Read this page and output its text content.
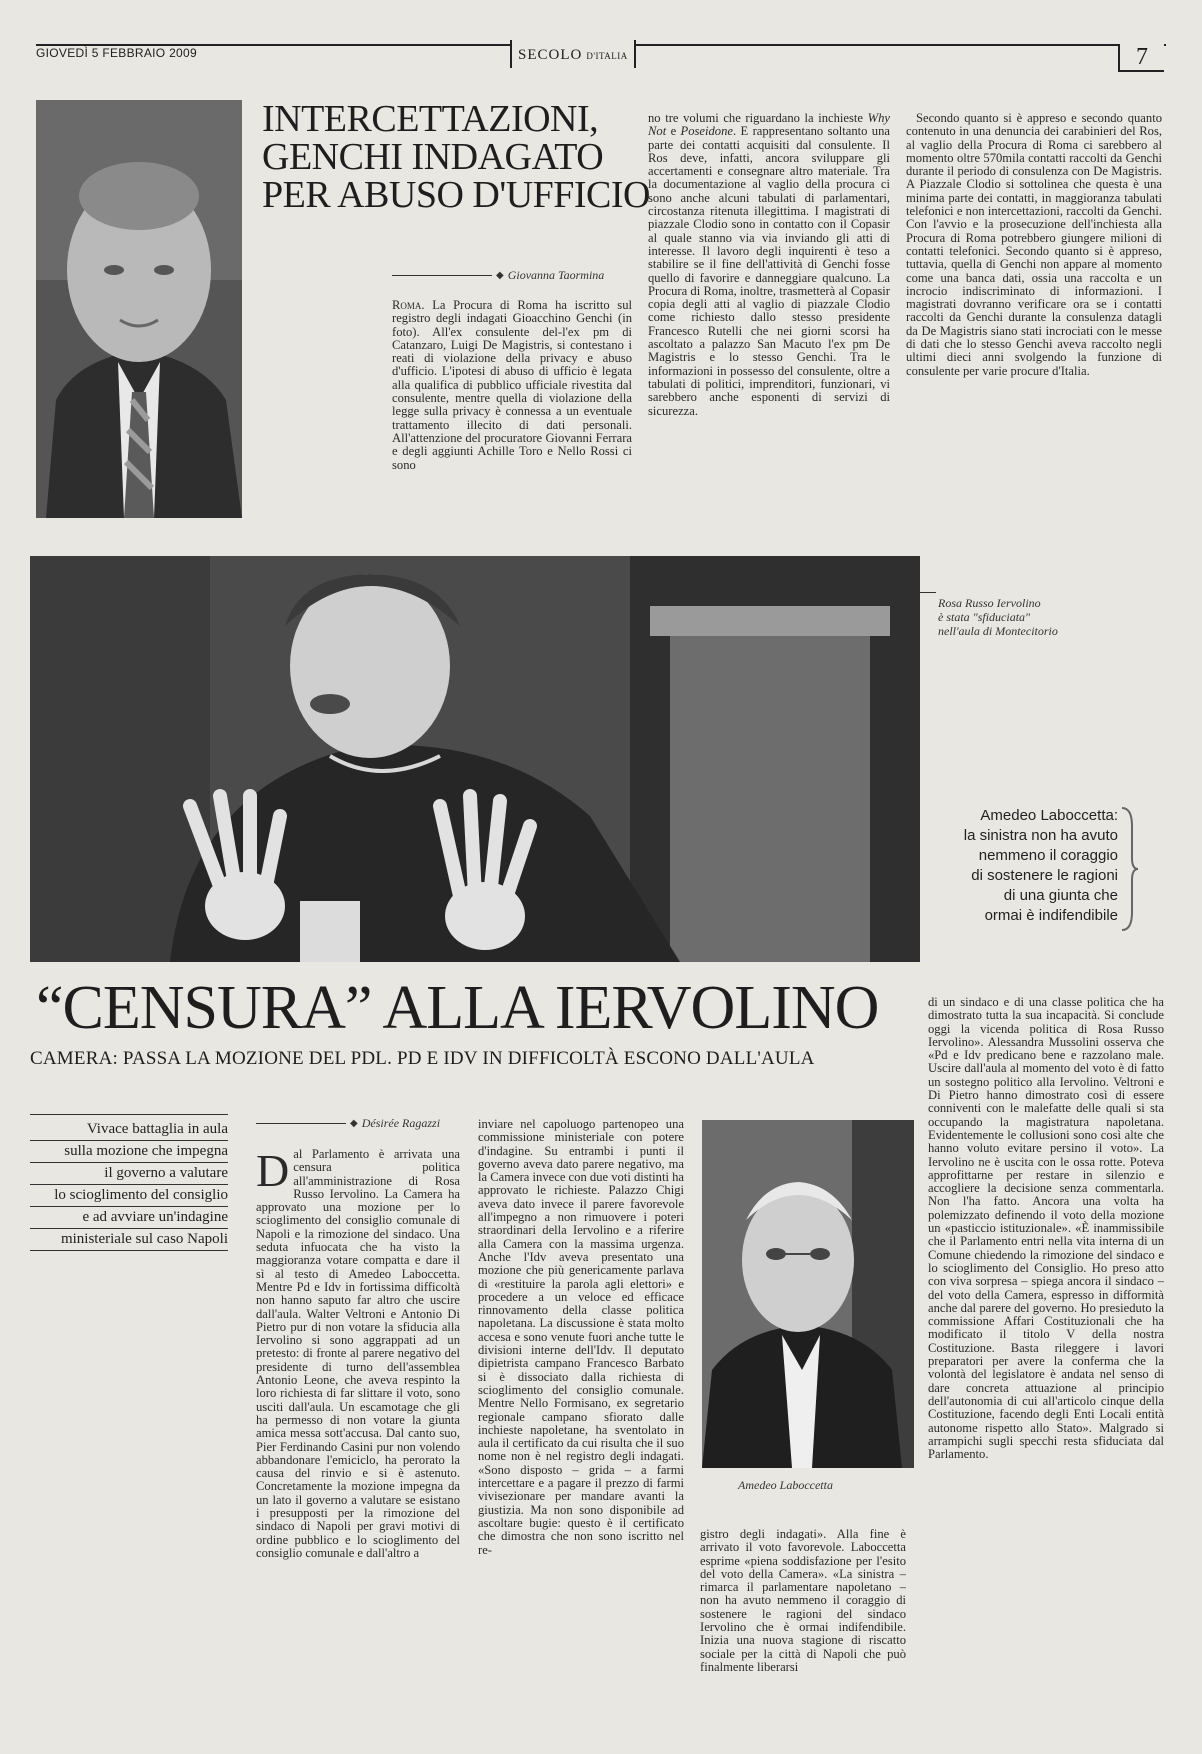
GIOVEDÌ 5 FEBBRAIO 2009	SECOLO D'ITALIA	7
INTERCETTAZIONI,
GENCHI INDAGATO
PER ABUSO D'UFFICIO
◆ Giovanna Taormina

Roma. La Procura di Roma ha iscritto sul registro degli indagati Gioacchino Genchi (in foto). All'ex consulente del-l'ex pm di Catanzaro, Luigi De Magistris, si contestano i reati di violazione della privacy e abuso d'ufficio. L'ipotesi di abuso di ufficio è legata alla qualifica di pubblico ufficiale rivestita dal consulente, mentre quella di violazione della legge sulla privacy è connessa a un eventuale trattamento illecito di dati personali. All'attenzione del procuratore Giovanni Ferrara e degli aggiunti Achille Toro e Nello Rossi ci sono

no tre volumi che riguardano la inchieste Why Not e Poseidone. E rappresentano soltanto una parte dei contatti acquisiti dal consulente. Il Ros deve, infatti, ancora sviluppare gli accertamenti e consegnare altro materiale. Tra la documentazione al vaglio della procura ci sono anche alcuni tabulati di parlamentari, circostanza ritenuta illegittima. I magistrati di piazzale Clodio sono in contatto con il Copasir al quale stanno via via inviando gli atti di interesse. Il lavoro degli inquirenti è teso a stabilire se il fine dell'attività di Genchi fosse quello di favorire e danneggiare qualcuno. La Procura di Roma, inoltre, trasmetterà al Copasir copia degli atti al vaglio di piazzale Clodio come richiesto dallo stesso presidente Francesco Rutelli che nei giorni scorsi ha ascoltato a palazzo San Macuto l'ex pm De Magistris e lo stesso Genchi. Tra le informazioni in possesso del consulente, oltre a tabulati di politici, imprenditori, funzionari, vi sarebbero anche esponenti di servizi di sicurezza.

Secondo quanto si è appreso e secondo quanto contenuto in una denuncia dei carabinieri del Ros, al vaglio della Procura di Roma ci sarebbero al momento oltre 570mila contatti raccolti da Genchi durante il periodo di consulenza con De Magistris. A Piazzale Clodio si sottolinea che questa è una minima parte dei contatti, in maggioranza tabulati telefonici e non intercettazioni, raccolti da Genchi. Con l'avvio e la prosecuzione dell'inchiesta alla Procura di Roma potrebbero giungere milioni di contatti telefonici. Secondo quanto si è appreso, tuttavia, quella di Genchi non appare al momento come una banca dati, ossia una raccolta e un incrocio indiscriminato di informazioni. I magistrati dovranno verificare ora se i contatti raccolti da Genchi durante la consulenza datagli da De Magistris siano stati incrociati con le messe di dati che lo stesso Genchi aveva raccolto negli ultimi dieci anni svolgendo la funzione di consulente per varie procure d'Italia.

Rosa Russo Iervolino
è stata "sfiduciata"
nell'aula di Montecitorio
Amedeo Laboccetta:
la sinistra non ha avuto
nemmeno il coraggio
di sostenere le ragioni
di una giunta che
ormai è indifendibile
“CENSURA” ALLA IERVOLINO
CAMERA: PASSA LA MOZIONE DEL PDL. PD E IDV IN DIFFICOLTÀ ESCONO DALL'AULA
Vivace battaglia in aula
sulla mozione che impegna
il governo a valutare
lo scioglimento del consiglio
e ad avviare un'indagine
ministeriale sul caso Napoli
◆ Désirée Ragazzi
Dal Parlamento è arrivata una censura politica all'amministrazione di Rosa Russo Iervolino. La Camera ha approvato una mozione per lo scioglimento del consiglio comunale di Napoli e la rimozione del sindaco. Una seduta infuocata che ha visto la maggioranza votare compatta e dare il sì al testo di Amedeo Laboccetta. Mentre Pd e Idv in fortissima difficoltà non hanno saputo far altro che uscire dall'aula. Walter Veltroni e Antonio Di Pietro pur di non votare la sfiducia alla Iervolino si sono aggrappati ad un pretesto: di fronte al parere negativo del presidente di turno dell'assemblea Antonio Leone, che aveva respinto la loro richiesta di far slittare il voto, sono usciti dall'aula. Un escamotage che gli ha permesso di non votare la giunta amica messa sott'accusa. Dal canto suo, Pier Ferdinando Casini pur non volendo abbandonare l'emiciclo, ha perorato la causa del rinvio e si è astenuto. Concretamente la mozione impegna da un lato il governo a valutare se esistano i presupposti per la rimozione del sindaco di Napoli per gravi motivi di ordine pubblico e lo scioglimento del consiglio comunale e dall'altro a

inviare nel capoluogo partenopeo una commissione ministeriale con potere d'indagine. Su entrambi i punti il governo aveva dato parere negativo, ma la Camera invece con due voti distinti ha approvato le richieste. Palazzo Chigi aveva dato invece il parere favorevole all'impegno a non rimuovere i poteri straordinari della Iervolino e a riferire alla Camera con la massima urgenza. Anche l'Idv aveva presentato una mozione che più genericamente parlava di «restituire la parola agli elettori» e procedere a un veloce ed efficace rinnovamento della classe politica napoletana. La discussione è stata molto accesa e sono venute fuori anche tutte le divisioni interne dell'Idv. Il deputato dipietrista campano Francesco Barbato si è dissociato dalla richiesta di scioglimento del consiglio comunale. Mentre Nello Formisano, ex segretario regionale campano sfiorato dalle inchieste napoletane, ha sventolato in aula il certificato da cui risulta che il suo nome non è nel registro degli indagati. «Sono disposto – grida – a farmi intercettare e a pagare il prezzo di farmi vivisezionare per mandare avanti la giustizia. Ma non sono disponibile ad ascoltare bugie: questo è il certificato che dimostra che non sono iscritto nel re-

Amedeo Laboccetta

gistro degli indagati». Alla fine è arrivato il voto favorevole. Laboccetta esprime «piena soddisfazione per l'esito del voto della Camera». «La sinistra – rimarca il parlamentare napoletano – non ha avuto nemmeno il coraggio di sostenere le ragioni del sindaco Iervolino che è ormai indifendibile. Inizia una nuova stagione di riscatto sociale per la città di Napoli che può finalmente liberarsi

di un sindaco e di una classe politica che ha dimostrato tutta la sua incapacità. Si conclude oggi la vicenda politica di Rosa Russo Iervolino». Alessandra Mussolini osserva che «Pd e Idv predicano bene e razzolano male. Uscire dall'aula al momento del voto è di fatto un sostegno politico alla Iervolino. Veltroni e Di Pietro hanno dimostrato così di essere conniventi con le malefatte delle quali si sta occupando la magistratura napoletana. Evidentemente le collusioni sono così alte che hanno voluto evitare persino il voto». La Iervolino ne è uscita con le ossa rotte. Poteva approfittarne per restare in silenzio e accogliere la decisione senza commentarla. Non l'ha fatto. Ancora una volta ha polemizzato definendo il voto della mozione un «pasticcio istituzionale». «È inammissibile che il Parlamento entri nella vita interna di un Comune chiedendo la rimozione del sindaco e lo scioglimento del Consiglio. Ho preso atto con viva sorpresa – spiega ancora il sindaco – del voto della Camera, espresso in difformità anche dal parere del governo. Ho presieduto la commissione Affari Costituzionali che ha modificato il titolo V della nostra Costituzione. Basta rileggere i lavori preparatori per avere la conferma che la volontà del legislatore è andata nel senso di dare concreta attuazione al principio dell'autonomia di cui all'articolo cinque della Costituzione, facendo degli Enti Locali entità autonome rispetto allo Stato». Malgrado si arrampichi sugli specchi resta sfiduciata dal Parlamento.
